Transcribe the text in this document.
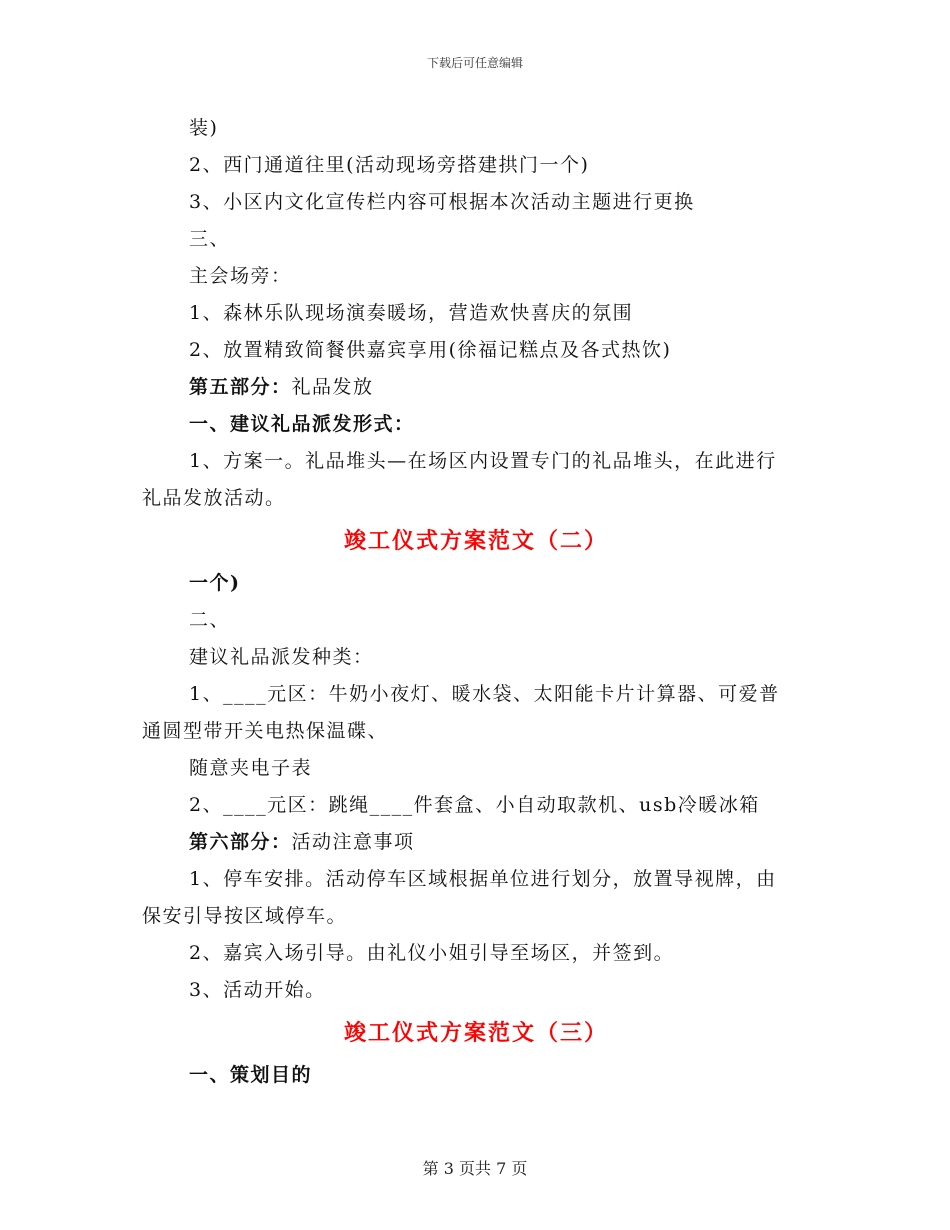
下载后可任意编辑
装)
2、西门通道往里(活动现场旁搭建拱门一个)
3、小区内文化宣传栏内容可根据本次活动主题进行更换
三、
主会场旁：
1、森林乐队现场演奏暖场，营造欢快喜庆的氛围
2、放置精致简餐供嘉宾享用(徐福记糕点及各式热饮)
第五部分：礼品发放
一、建议礼品派发形式：
1、方案一。礼品堆头—在场区内设置专门的礼品堆头，在此进行
礼品发放活动。
竣工仪式方案范文（二）
一个)
二、
建议礼品派发种类：
1、____元区：牛奶小夜灯、暖水袋、太阳能卡片计算器、可爱普
通圆型带开关电热保温碟、
随意夹电子表
2、____元区：跳绳____件套盒、小自动取款机、usb冷暖冰箱
第六部分：活动注意事项
1、停车安排。活动停车区域根据单位进行划分，放置导视牌，由
保安引导按区域停车。
2、嘉宾入场引导。由礼仪小姐引导至场区，并签到。
3、活动开始。
竣工仪式方案范文（三）
一、策划目的
第 3 页共 7 页
